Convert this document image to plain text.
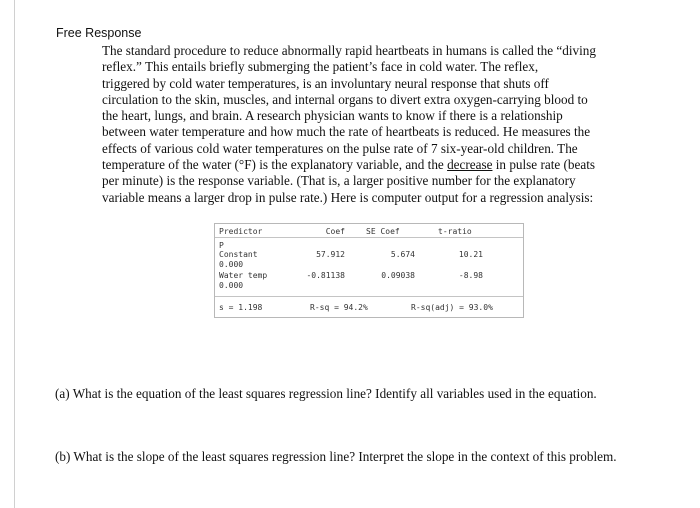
Free Response
The standard procedure to reduce abnormally rapid heartbeats in humans is called the “diving
reflex.” This entails briefly submerging the patient’s face in cold water. The reflex,
triggered by cold water temperatures, is an involuntary neural response that shuts off
circulation to the skin, muscles, and internal organs to divert extra oxygen-carrying blood to
the heart, lungs, and brain. A research physician wants to know if there is a relationship
between water temperature and how much the rate of heartbeats is reduced. He measures the
effects of various cold water temperatures on the pulse rate of 7 six-year-old children. The
temperature of the water (°F) is the explanatory variable, and the decrease in pulse rate (beats
per minute) is the response variable. (That is, a larger positive number for the explanatory
variable means a larger drop in pulse rate.) Here is computer output for a regression analysis:
Predictor	Coef	SE Coef	t-ratio
P
Constant	57.912	5.674	10.21
0.000
Water temp	-0.81138	0.09038	-8.98
0.000
s = 1.198	R-sq = 94.2%	R-sq(adj) = 93.0%
(a) What is the equation of the least squares regression line? Identify all variables used in the equation.
(b) What is the slope of the least squares regression line? Interpret the slope in the context of this problem.
